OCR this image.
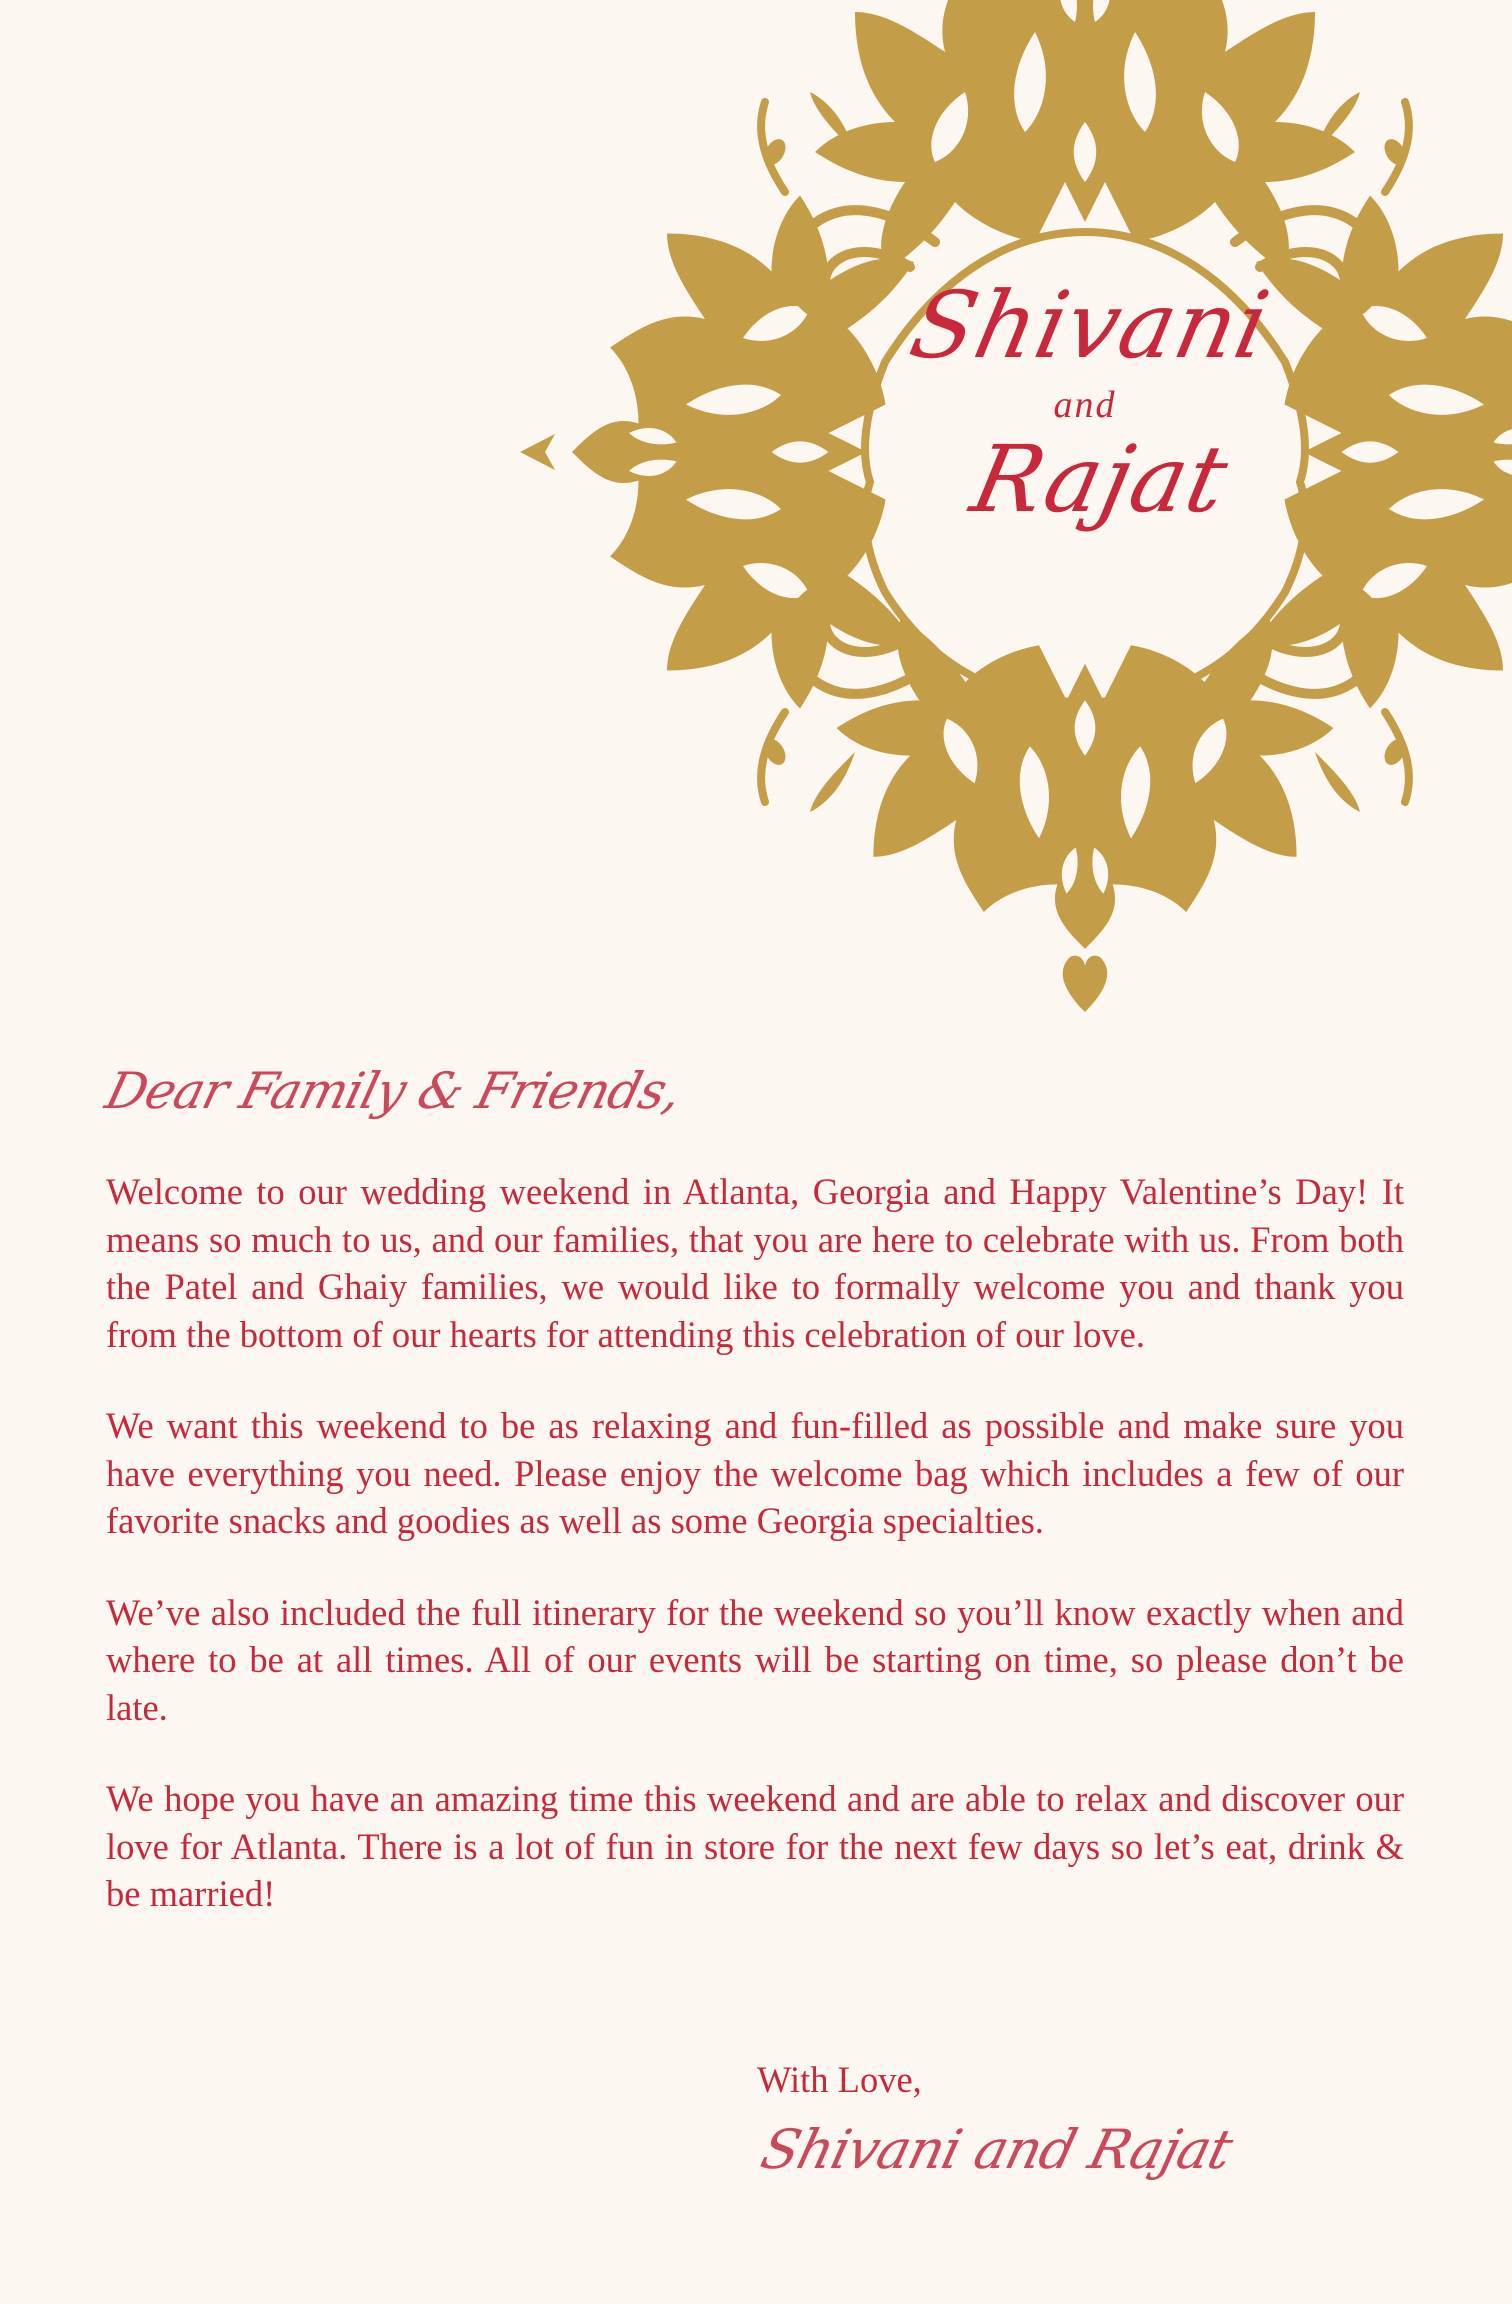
Shivani
and
Rajat
Dear Family & Friends,

Welcome to our wedding weekend in Atlanta, Georgia and Happy Valentine’s Day! It means so much to us, and our families, that you are here to celebrate with us. From both the Patel and Ghaiy families, we would like to formally welcome you and thank you from the bottom of our hearts for attending this celebration of our love.

We want this weekend to be as relaxing and fun-filled as possible and make sure you have everything you need. Please enjoy the welcome bag which includes a few of our favorite snacks and goodies as well as some Georgia specialties.

We’ve also included the full itinerary for the weekend so you’ll know exactly when and where to be at all times. All of our events will be starting on time, so please don’t be late.

We hope you have an amazing time this weekend and are able to relax and discover our love for Atlanta. There is a lot of fun in store for the next few days so let’s eat, drink & be married!

With Love,
Shivani and Rajat
